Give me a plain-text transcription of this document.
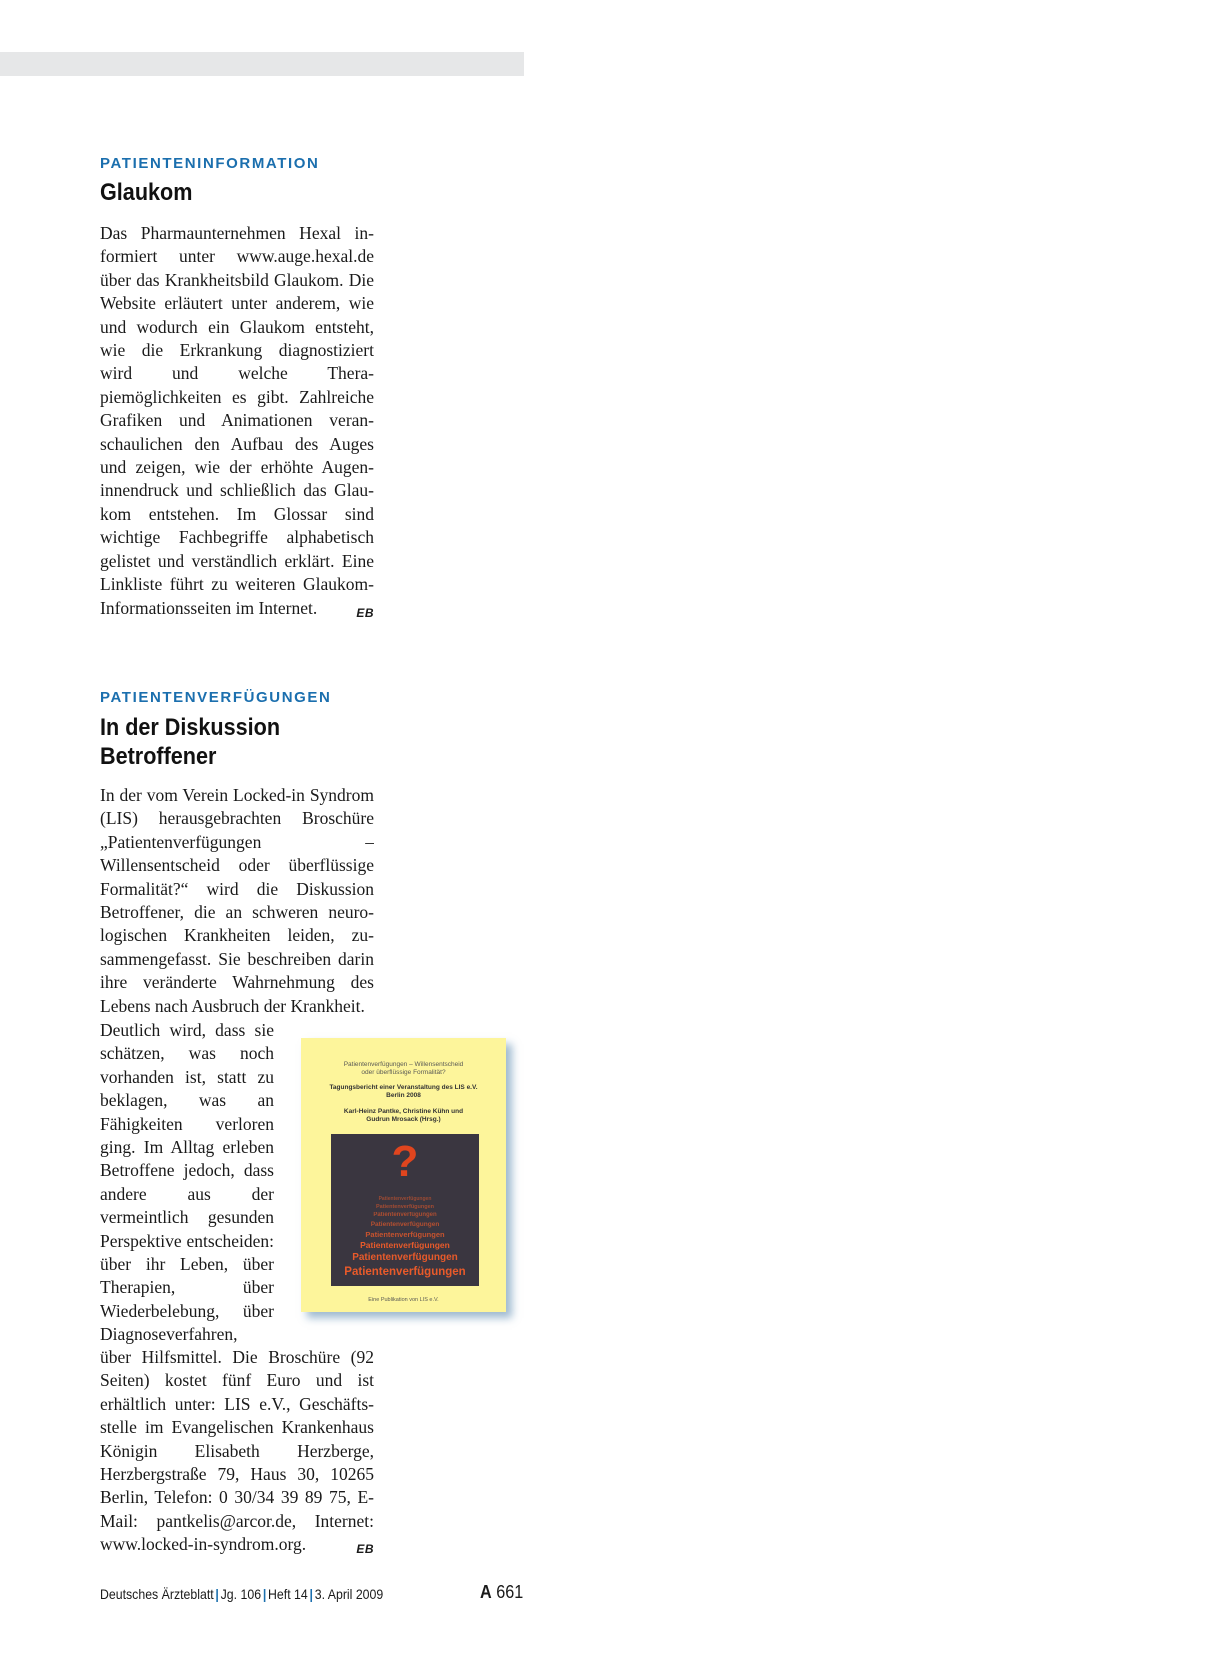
PATIENTENINFORMATION

Glaukom

Das Pharmaunternehmen Hexal informiert unter www.auge.hexal.de über das Krankheitsbild Glaukom. Die Website erläutert unter anderem, wie und wodurch ein Glaukom entsteht, wie die Erkrankung diagnostiziert wird und welche Therapiemöglichkeiten es gibt. Zahlreiche Grafiken und Animationen veranschaulichen den Aufbau des Auges und zeigen, wie der erhöhte Augeninnendruck und schließlich das Glaukom entstehen. Im Glossar sind wichtige Fachbegriffe alphabetisch gelistet und verständlich erklärt. Eine Linkliste führt zu weiteren Glaukom-Informationsseiten im Internet.	EB

PATIENTENVERFÜGUNGEN

In der Diskussion
Betroffener

In der vom Verein Locked-in Syndrom (LIS) herausgebrachten Broschüre „Patientenverfügungen – Willensentscheid oder überflüssige Formalität?“ wird die Diskussion Betroffener, die an schweren neurologischen Krankheiten leiden, zusammengefasst. Sie beschreiben darin ihre veränderte Wahrnehmung des Lebens nach Ausbruch der Krankheit.

Deutlich wird, dass sie schätzen, was noch vorhanden ist, statt zu beklagen, was an Fähigkeiten verloren ging. Im Alltag erleben Betroffene jedoch, dass andere aus der vermeintlich gesunden Perspektive entscheiden: über ihr Leben, über Therapien, über Wiederbelebung, über Diagnoseverfahren,

über Hilfsmittel. Die Broschüre (92 Seiten) kostet fünf Euro und ist erhältlich unter: LIS e.V., Geschäftsstelle im Evangelischen Krankenhaus Königin Elisabeth Herzberge, Herzbergstraße 79, Haus 30, 10265 Berlin, Telefon: 0 30/34 39 89 75, E-Mail: pantkelis@arcor.de, Internet: www.locked-in-syndrom.org.	EB

Patientenverfügungen – Willensentscheid
oder überflüssige Formalität?
Tagungsbericht einer Veranstaltung des LIS e.V.
Berlin 2008
Karl-Heinz Pantke, Christine Kühn und
Gudrun Mrosack (Hrsg.)
?
Patientenverfügungen
Patientenverfügungen
Patientenverfügungen
Patientenverfügungen
Patientenverfügungen
Patientenverfügungen
Patientenverfügungen
Patientenverfügungen
Eine Publikation von LIS e.V.
Deutsches Ärzteblatt | Jg. 106 | Heft 14 | 3. April 2009	A 661
